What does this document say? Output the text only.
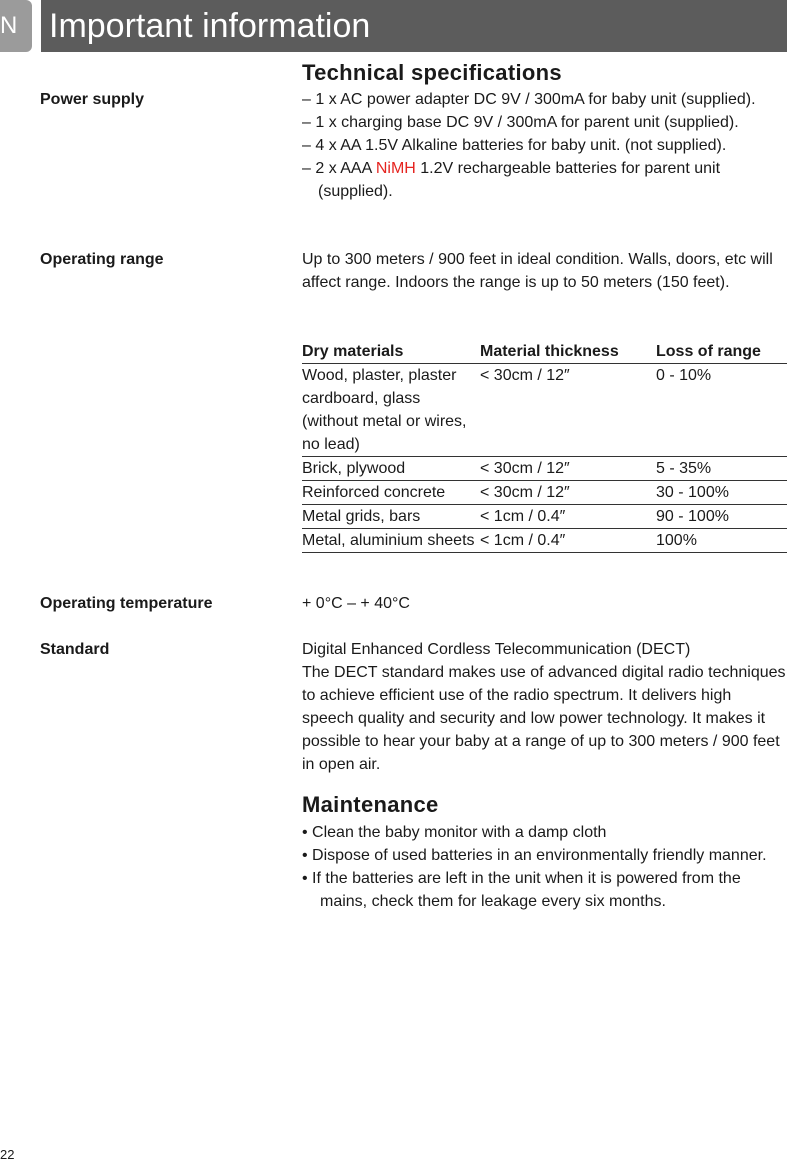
N Important information
Technical specifications
Power supply	– 1 x AC power adapter DC 9V / 300mA for baby unit (supplied).
– 1 x charging base DC 9V / 300mA for parent unit (supplied).
– 4 x AA 1.5V Alkaline batteries for baby unit. (not supplied).
– 2 x AAA NiMH 1.2V rechargeable batteries for parent unit (supplied).
Operating range	Up to 300 meters / 900 feet in ideal condition. Walls, doors, etc will affect range. Indoors the range is up to 50 meters (150 feet).
Dry materials	Material thickness	Loss of range
Wood, plaster, plaster cardboard, glass (without metal or wires, no lead)	< 30cm / 12″	0 - 10%
Brick, plywood	< 30cm / 12″	5 - 35%
Reinforced concrete	< 30cm / 12″	30 - 100%
Metal grids, bars	< 1cm / 0.4″	90 - 100%
Metal, aluminium sheets	< 1cm / 0.4″	100%
Operating temperature	+ 0°C – + 40°C
Standard	Digital Enhanced Cordless Telecommunication (DECT)
The DECT standard makes use of advanced digital radio techniques to achieve efficient use of the radio spectrum. It delivers high speech quality and security and low power technology. It makes it possible to hear your baby at a range of up to 300 meters / 900 feet in open air.
Maintenance
• Clean the baby monitor with a damp cloth
• Dispose of used batteries in an environmentally friendly manner.
• If the batteries are left in the unit when it is powered from the mains, check them for leakage every six months.
22
